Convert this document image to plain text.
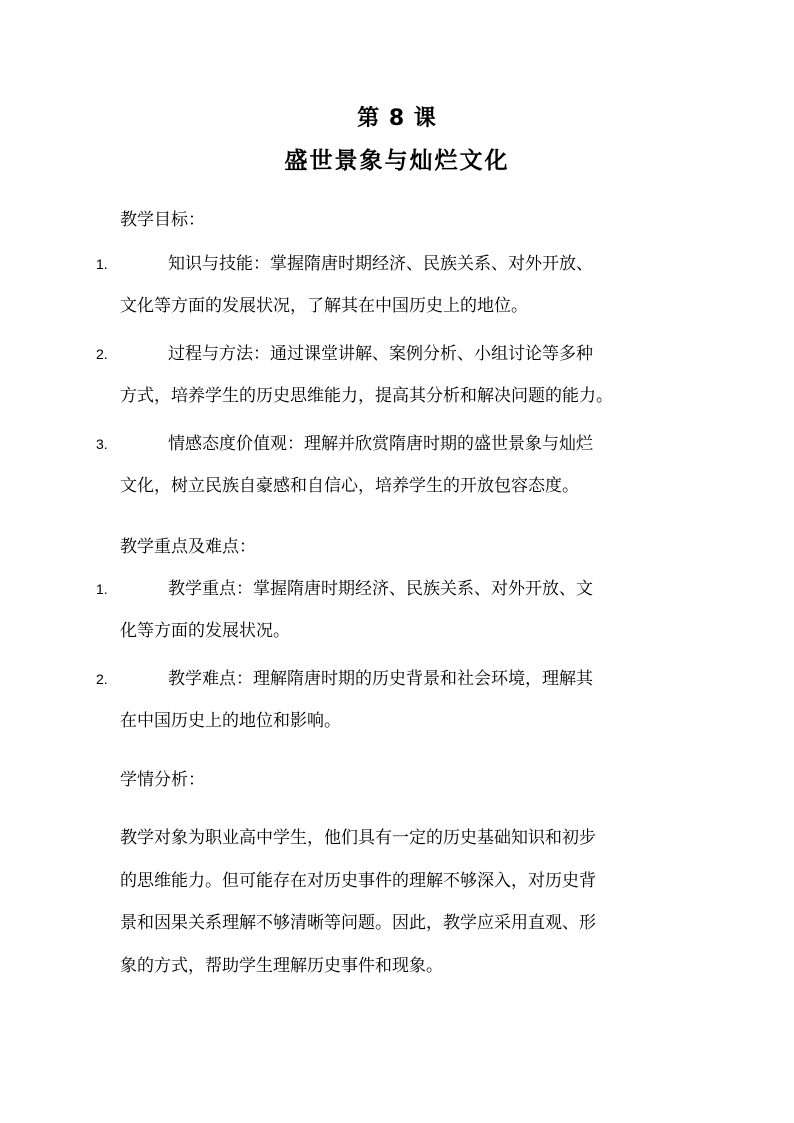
第 8 课
盛世景象与灿烂文化
教学目标：
1.	知识与技能：掌握隋唐时期经济、民族关系、对外开放、
文化等方面的发展状况，了解其在中国历史上的地位。
2.	过程与方法：通过课堂讲解、案例分析、小组讨论等多种
方式，培养学生的历史思维能力，提高其分析和解决问题的能力。
3.	情感态度价值观：理解并欣赏隋唐时期的盛世景象与灿烂
文化，树立民族自豪感和自信心，培养学生的开放包容态度。
教学重点及难点：
1.	教学重点：掌握隋唐时期经济、民族关系、对外开放、文
化等方面的发展状况。
2.	教学难点：理解隋唐时期的历史背景和社会环境，理解其
在中国历史上的地位和影响。
学情分析：
教学对象为职业高中学生，他们具有一定的历史基础知识和初步
的思维能力。但可能存在对历史事件的理解不够深入，对历史背
景和因果关系理解不够清晰等问题。因此，教学应采用直观、形
象的方式，帮助学生理解历史事件和现象。
